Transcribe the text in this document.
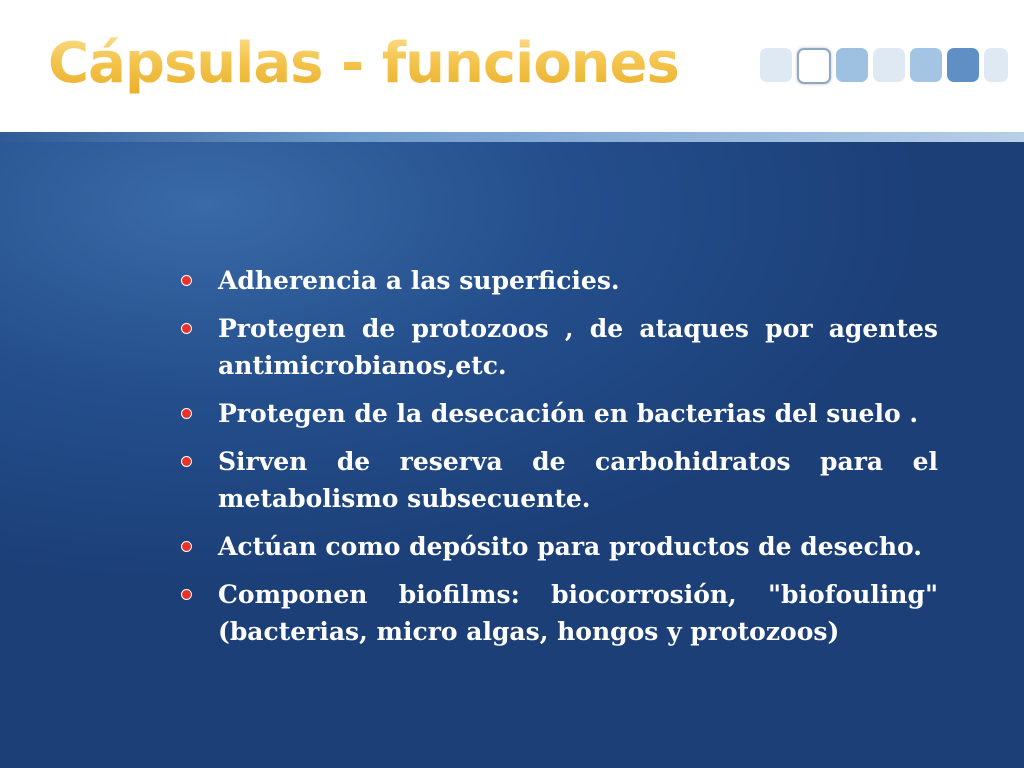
Cápsulas - funciones
Adherencia a las superficies.
Protegen de protozoos , de ataques por agentes antimicrobianos,etc.
Protegen de la desecación en bacterias del suelo .
Sirven de reserva de carbohidratos para el metabolismo subsecuente.
Actúan como depósito para productos de desecho.
Componen biofilms: biocorrosión, "biofouling" (bacterias, micro algas, hongos y protozoos)
